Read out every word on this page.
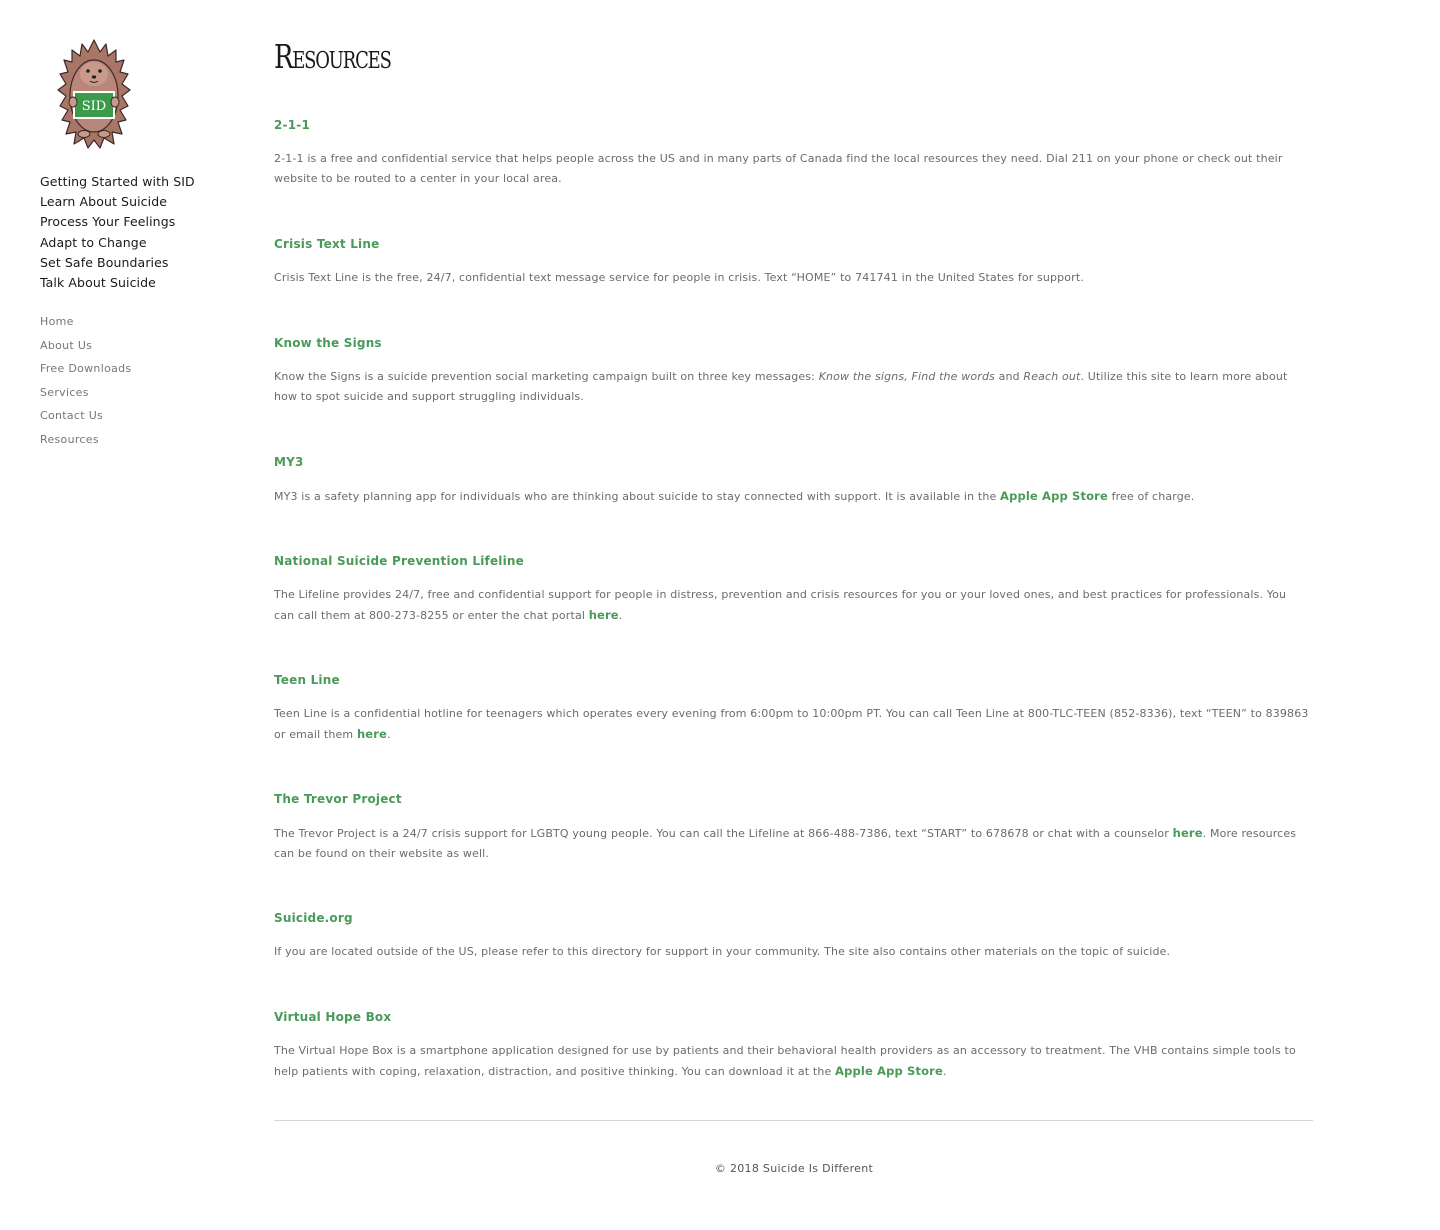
SID
Getting Started with SID
Learn About Suicide
Process Your Feelings
Adapt to Change
Set Safe Boundaries
Talk About Suicide
Home
About Us
Free Downloads
Services
Contact Us
Resources
Resources
2-1-1

2-1-1 is a free and confidential service that helps people across the US and in many parts of Canada find the local resources they need. Dial 211 on your phone or check out their website to be routed to a center in your local area.

Crisis Text Line

Crisis Text Line is the free, 24/7, confidential text message service for people in crisis. Text “HOME” to 741741 in the United States for support.

Know the Signs

Know the Signs is a suicide prevention social marketing campaign built on three key messages: Know the signs, Find the words and Reach out. Utilize this site to learn more about how to spot suicide and support struggling individuals.

MY3

MY3 is a safety planning app for individuals who are thinking about suicide to stay connected with support. It is available in the Apple App Store free of charge.

National Suicide Prevention Lifeline

The Lifeline provides 24/7, free and confidential support for people in distress, prevention and crisis resources for you or your loved ones, and best practices for professionals. You can call them at 800-273-8255 or enter the chat portal here.

Teen Line

Teen Line is a confidential hotline for teenagers which operates every evening from 6:00pm to 10:00pm PT. You can call Teen Line at 800-TLC-TEEN (852-8336), text “TEEN” to 839863 or email them here.

The Trevor Project

The Trevor Project is a 24/7 crisis support for LGBTQ young people. You can call the Lifeline at 866-488-7386, text “START” to 678678 or chat with a counselor here. More resources can be found on their website as well.

Suicide.org

If you are located outside of the US, please refer to this directory for support in your community. The site also contains other materials on the topic of suicide.

Virtual Hope Box

The Virtual Hope Box is a smartphone application designed for use by patients and their behavioral health providers as an accessory to treatment. The VHB contains simple tools to help patients with coping, relaxation, distraction, and positive thinking. You can download it at the Apple App Store.

© 2018 Suicide Is Different
